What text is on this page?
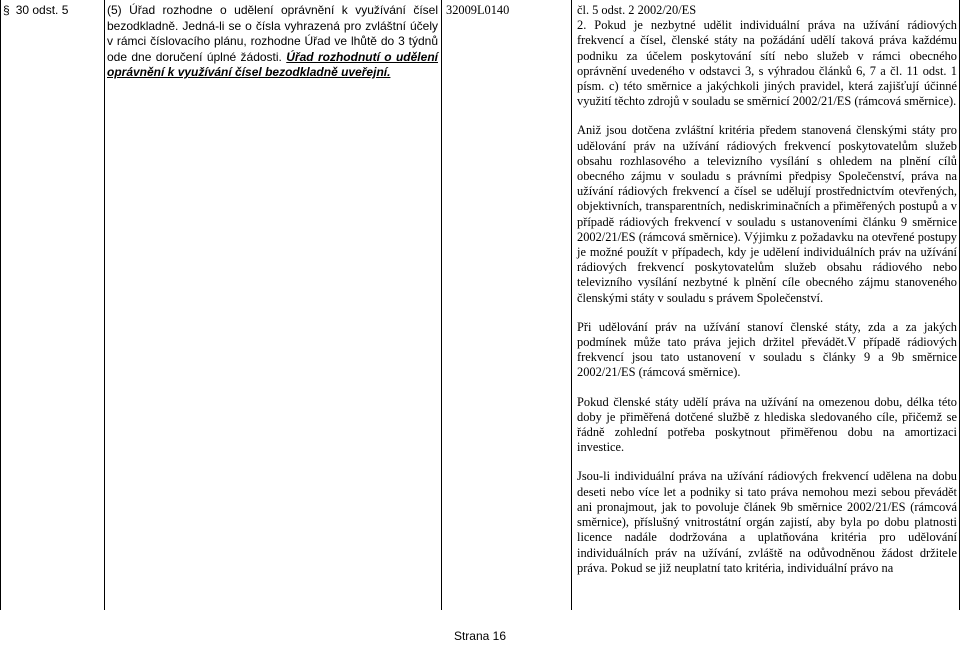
§ 30 odst. 5	(5) Úřad rozhodne o udělení oprávnění k využívání čísel bezodkladně. Jedná-li se o čísla vyhrazená pro zvláštní účely v rámci číslovacího plánu, rozhodne Úřad ve lhůtě do 3 týdnů ode dne doručení úplné žádosti. Úřad rozhodnutí o udělení oprávnění k využívání čísel bezodkladně uveřejní.
32009L0140	čl. 5 odst. 2 2002/20/ES

2. Pokud je nezbytné udělit individuální práva na užívání rádiových frekvencí a čísel, členské státy na požádání udělí taková práva každému podniku za účelem poskytování sítí nebo služeb v rámci obecného oprávnění uvedeného v odstavci 3, s výhradou článků 6, 7 a čl. 11 odst. 1 písm. c) této směrnice a jakýchkoli jiných pravidel, která zajišťují účinné využití těchto zdrojů v souladu se směrnicí 2002/21/ES (rámcová směrnice).

Aniž jsou dotčena zvláštní kritéria předem stanovená členskými státy pro udělování práv na užívání rádiových frekvencí poskytovatelům služeb obsahu rozhlasového a televizního vysílání s ohledem na plnění cílů obecného zájmu v souladu s právními předpisy Společenství, práva na užívání rádiových frekvencí a čísel se udělují prostřednictvím otevřených, objektivních, transparentních, nediskriminačních a přiměřených postupů a v případě rádiových frekvencí v souladu s ustanoveními článku 9 směrnice 2002/21/ES (rámcová směrnice). Výjimku z požadavku na otevřené postupy je možné použít v případech, kdy je udělení individuálních práv na užívání rádiových frekvencí poskytovatelům služeb obsahu rádiového nebo televizního vysílání nezbytné k plnění cíle obecného zájmu stanoveného členskými státy v souladu s právem Společenství.

Při udělování práv na užívání stanoví členské státy, zda a za jakých podmínek může tato práva jejich držitel převádět.V případě rádiových frekvencí jsou tato ustanovení v souladu s články 9 a 9b směrnice 2002/21/ES (rámcová směrnice).

Pokud členské státy udělí práva na užívání na omezenou dobu, délka této doby je přiměřená dotčené službě z hlediska sledovaného cíle, přičemž se řádně zohlední potřeba poskytnout přiměřenou dobu na amortizaci investice.

Jsou-li individuální práva na užívání rádiových frekvencí udělena na dobu deseti nebo více let a podniky si tato práva nemohou mezi sebou převádět ani pronajmout, jak to povoluje článek 9b směrnice 2002/21/ES (rámcová směrnice), příslušný vnitrostátní orgán zajistí, aby byla po dobu platnosti licence nadále dodržována a uplatňována kritéria pro udělování individuálních práv na užívání, zvláště na odůvodněnou žádost držitele práva. Pokud se již neuplatní tato kritéria, individuální právo na

Strana 16
